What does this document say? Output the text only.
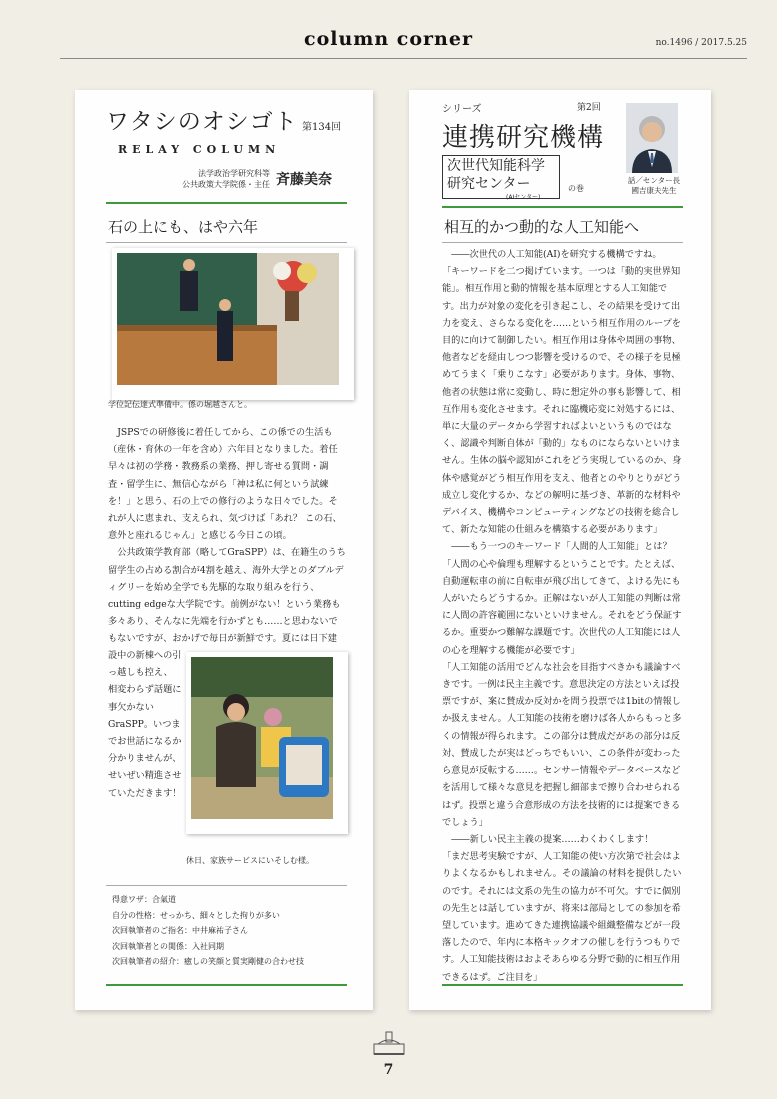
column corner	no.1496 / 2017.5.25
ワタシのオシゴト 第134回
RELAY COLUMN
法学政治学研究科等
公共政策大学院係・主任 斉藤美奈
石の上にも、はや六年
学位記伝達式準備中。係の堀越さんと。

JSPSでの研修後に着任してから、この係での生活も（産休・育休の一年を含め）六年目となりました。着任早々は初の学務・教務系の業務、押し寄せる質問・調査・留学生に、無信心ながら「神は私に何という試練を！」と思う、石の上での修行のような日々でした。それが人に恵まれ、支えられ、気づけば「あれ？ この石、意外と座れるじゃん」と感じる今日この頃。

公共政策学教育部（略してGraSPP）は、在籍生のうち留学生の占める割合が4割を越え、海外大学とのダブルディグリーを始め全学でも先駆的な取り組みを行う、cutting edgeな大学院です。前例がない！という業務も多々あり、そんなに先端を行かずとも……と思わないでもないですが、おかげで毎日が新鮮です。夏には日下建

設中の新棟への引っ越しも控え、相変わらず話題に事欠かないGraSPP。いつまでお世話になるか分かりませんが、せいぜい精進させていただきます！
休日、家族サービスにいそしむ様。
得意ワザ：合氣道
自分の性格：せっかち、細々とした拘りが多い
次回執筆者のご指名：中井麻祐子さん
次回執筆者との関係：入社同期
次回執筆者の紹介：癒しの笑顔と質実剛健の合わせ技
シリーズ	第2回
連携研究機構
次世代知能科学
研究センター
(AIセンター)
の巻
話／センター長
國吉康夫先生
相互的かつ動的な人工知能へ

――次世代の人工知能(AI)を研究する機構ですね。

「キーワードを二つ掲げています。一つは「動的実世界知能」。相互作用と動的情報を基本原理とする人工知能です。出力が対象の変化を引き起こし、その結果を受けて出力を変え、さらなる変化を……という相互作用のループを目的に向けて制御したい。相互作用は身体や周囲の事物、他者などを経由しつつ影響を受けるので、その様子を見極めてうまく「乗りこなす」必要があります。身体、事物、他者の状態は常に変動し、時に想定外の事も影響して、相互作用も変化させます。それに臨機応変に対処するには、単に大量のデータから学習すればよいというものではなく、認識や判断自体が「動的」なものにならないといけません。生体の脳や認知がこれをどう実現しているのか、身体や感覚がどう相互作用を支え、他者とのやりとりがどう成立し変化するか、などの解明に基づき、革新的な材料やデバイス、機構やコンピューティングなどの技術を総合して、新たな知能の仕組みを構築する必要があります」

――もう一つのキーワード「人間的人工知能」とは？

「人間の心や倫理も理解するということです。たとえば、自動運転車の前に自転車が飛び出してきて、よける先にも人がいたらどうするか。正解はないが人工知能の判断は常に人間の許容範囲にないといけません。それをどう保証するか。重要かつ難解な課題です。次世代の人工知能には人の心を理解する機能が必要です」

「人工知能の活用でどんな社会を目指すべきかも議論すべきです。一例は民主主義です。意思決定の方法といえば投票ですが、案に賛成か反対かを問う投票では1bitの情報しか扱えません。人工知能の技術を磨けば各人からもっと多くの情報が得られます。この部分は賛成だがあの部分は反対、賛成したが実はどっちでもいい、この条件が変わったら意見が反転する……。センサー情報やデータベースなどを活用して様々な意見を把握し細部まで擦り合わせられるはず。投票と違う合意形成の方法を技術的には提案できるでしょう」

――新しい民主主義の提案……わくわくします！

「まだ思考実験ですが、人工知能の使い方次第で社会はよりよくなるかもしれません。その議論の材料を提供したいのです。それには文系の先生の協力が不可欠。すでに個別の先生とは話していますが、将来は部局としての参加を希望しています。進めてきた連携協議や組織整備などが一段落したので、年内に本格キックオフの催しを行うつもりです。人工知能技術はおよそあらゆる分野で動的に相互作用できるはず。ご注目を」

7
